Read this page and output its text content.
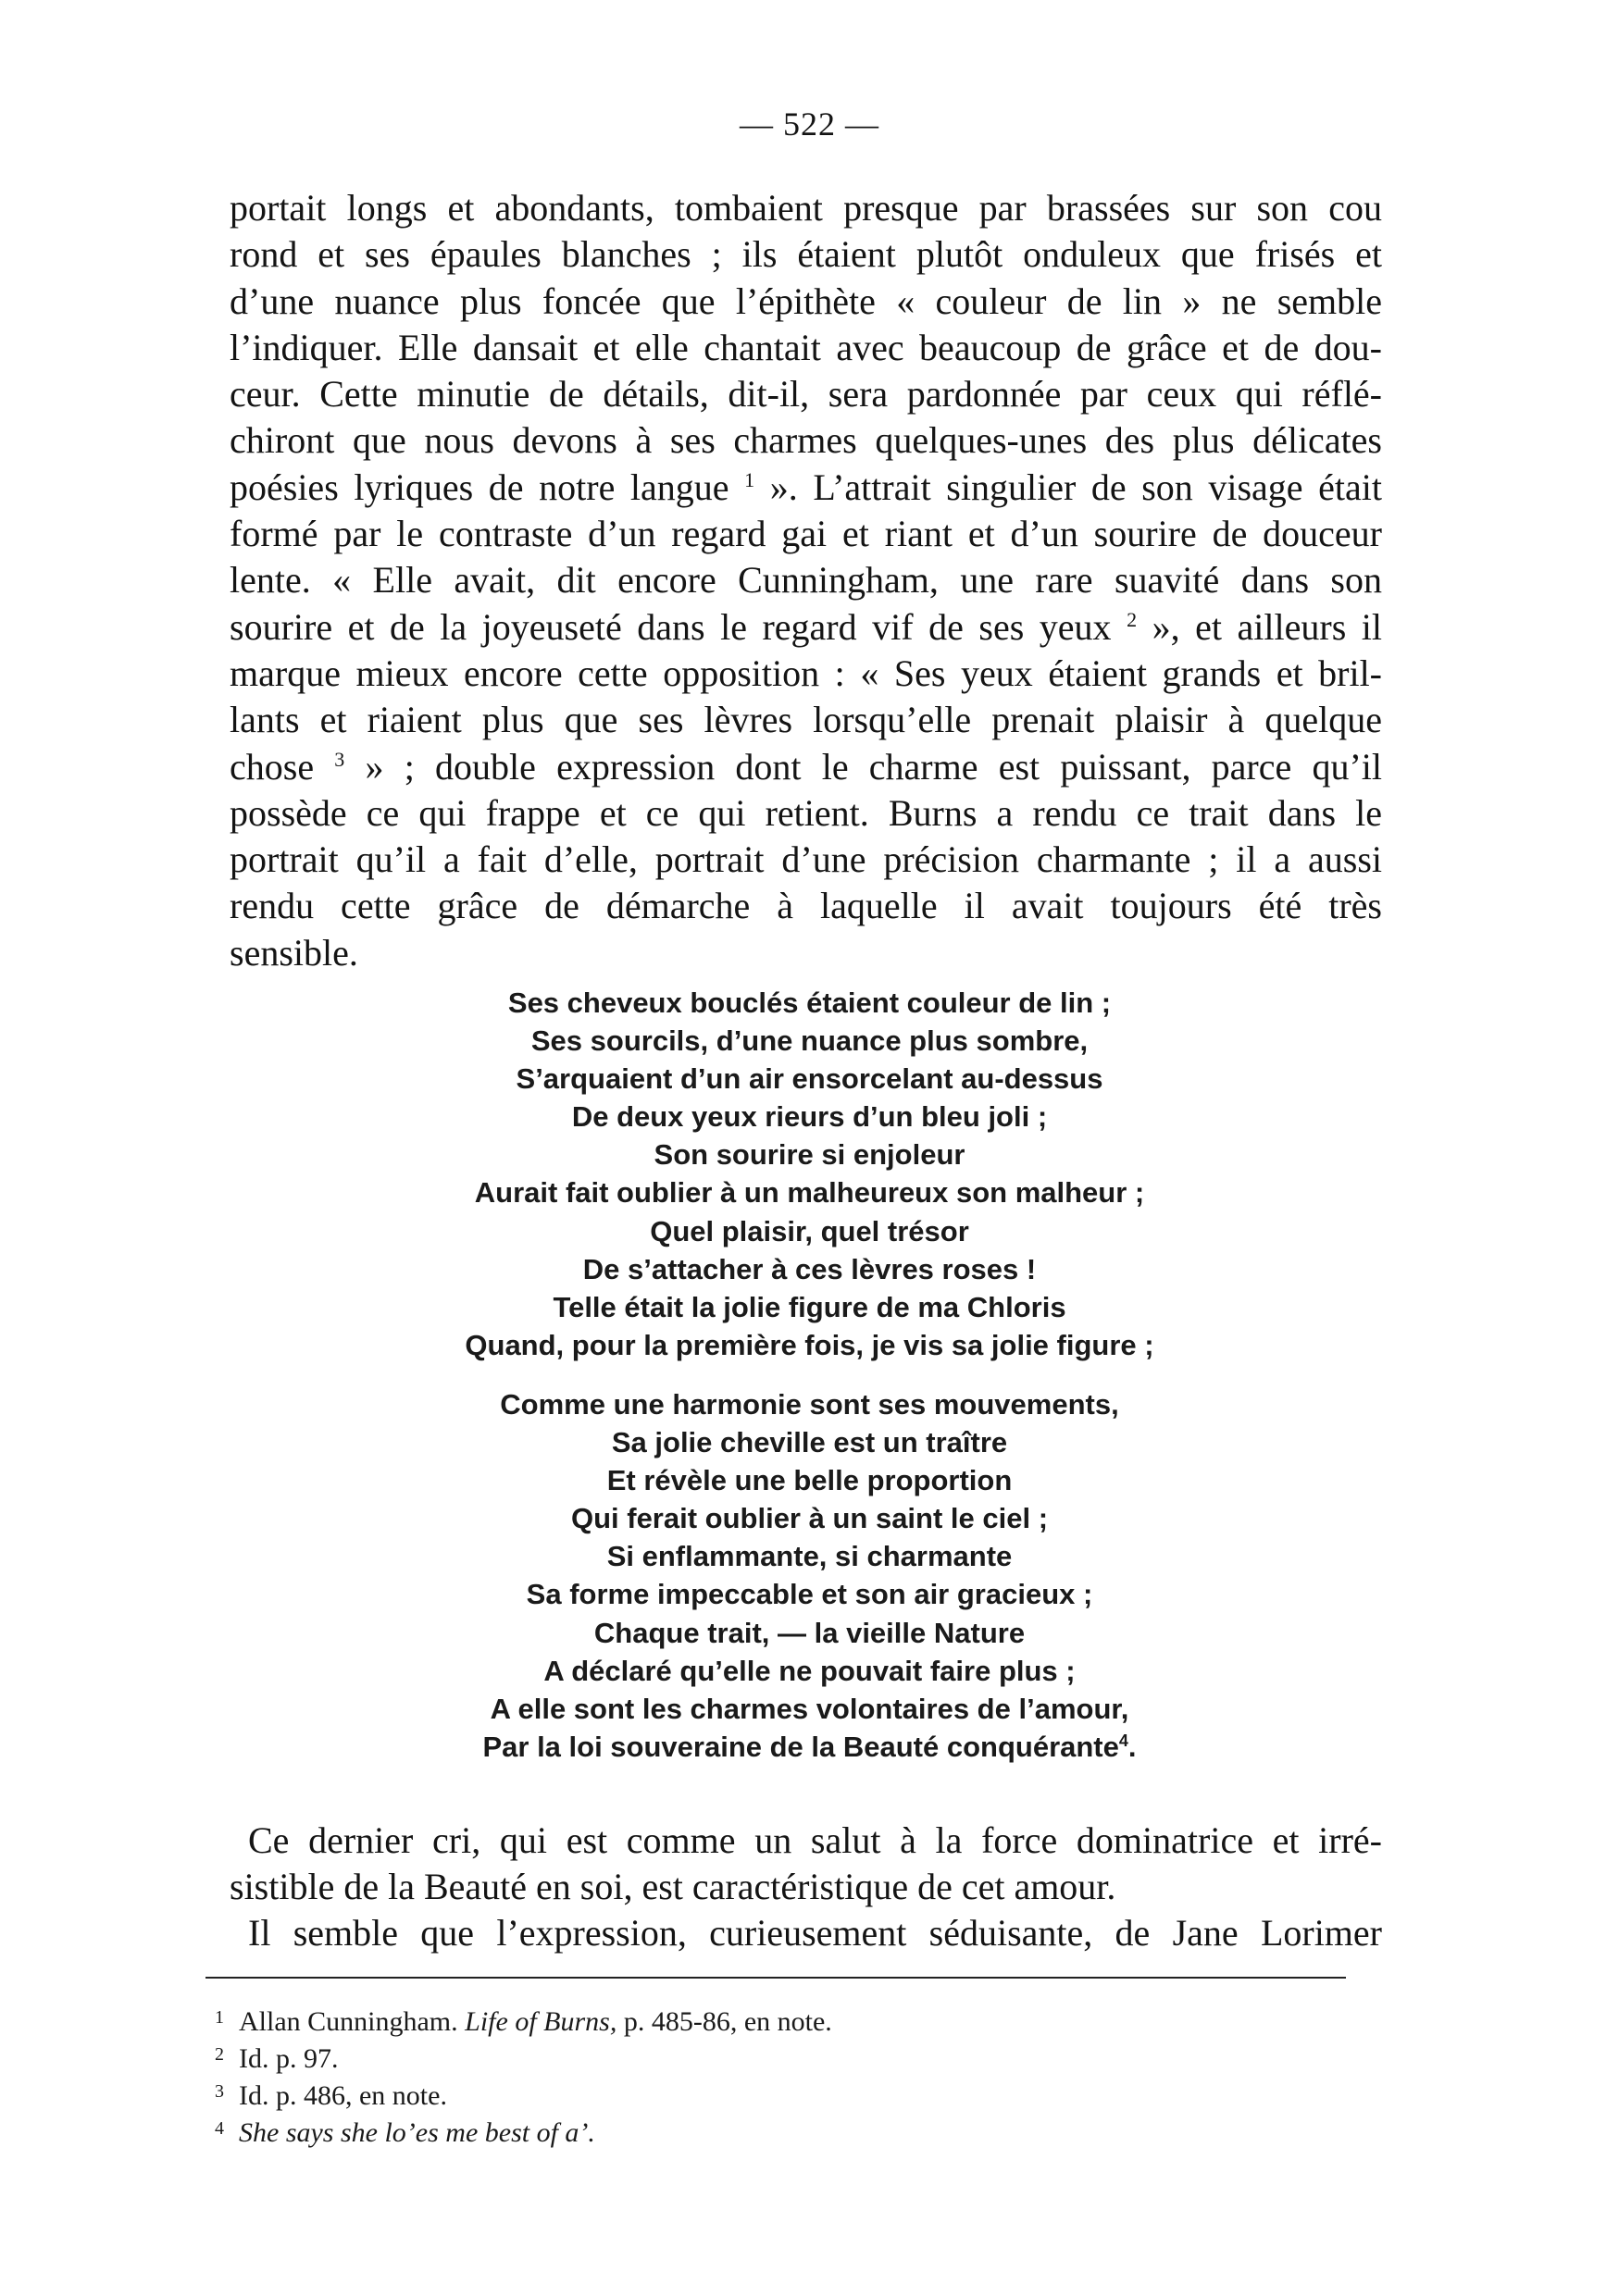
— 522 —
portait longs et abondants, tombaient presque par brassées sur son cou
rond et ses épaules blanches ; ils étaient plutôt onduleux que frisés et
d’une nuance plus foncée que l’épithète « couleur de lin » ne semble
l’indiquer. Elle dansait et elle chantait avec beaucoup de grâce et de dou-
ceur. Cette minutie de détails, dit-il, sera pardonnée par ceux qui réflé-
chiront que nous devons à ses charmes quelques-unes des plus délicates
poésies lyriques de notre langue $^1$ ». L’attrait singulier de son visage était
formé par le contraste d’un regard gai et riant et d’un sourire de douceur
lente. « Elle avait, dit encore Cunningham, une rare suavité dans son
sourire et de la joyeuseté dans le regard vif de ses yeux $^2$ », et ailleurs il
marque mieux encore cette opposition : « Ses yeux étaient grands et bril-
lants et riaient plus que ses lèvres lorsqu’elle prenait plaisir à quelque
chose $^3$ » ; double expression dont le charme est puissant, parce qu’il
possède ce qui frappe et ce qui retient. Burns a rendu ce trait dans le
portrait qu’il a fait d’elle, portrait d’une précision charmante ; il a aussi
rendu cette grâce de démarche à laquelle il avait toujours été très
sensible.
Ses cheveux bouclés étaient couleur de lin ;
Ses sourcils, d’une nuance plus sombre,
S’arquaient d’un air ensorcelant au-dessus
De deux yeux rieurs d’un bleu joli ;
Son sourire si enjoleur
Aurait fait oublier à un malheureux son malheur ;
Quel plaisir, quel trésor
De s’attacher à ces lèvres roses !
Telle était la jolie figure de ma Chloris
Quand, pour la première fois, je vis sa jolie figure ;
Comme une harmonie sont ses mouvements,
Sa jolie cheville est un traître
Et révèle une belle proportion
Qui ferait oublier à un saint le ciel ;
Si enflammante, si charmante
Sa forme impeccable et son air gracieux ;
Chaque trait, — la vieille Nature
A déclaré qu’elle ne pouvait faire plus ;
A elle sont les charmes volontaires de l’amour,
Par la loi souveraine de la Beauté conquérante$^4$.
Ce dernier cri, qui est comme un salut à la force dominatrice et irré-
sistible de la Beauté en soi, est caractéristique de cet amour.
Il semble que l’expression, curieusement séduisante, de Jane Lorimer
1 Allan Cunningham. Life of Burns, p. 485-86, en note.
2 Id. p. 97.
3 Id. p. 486, en note.
4 She says she lo’es me best of a’.
